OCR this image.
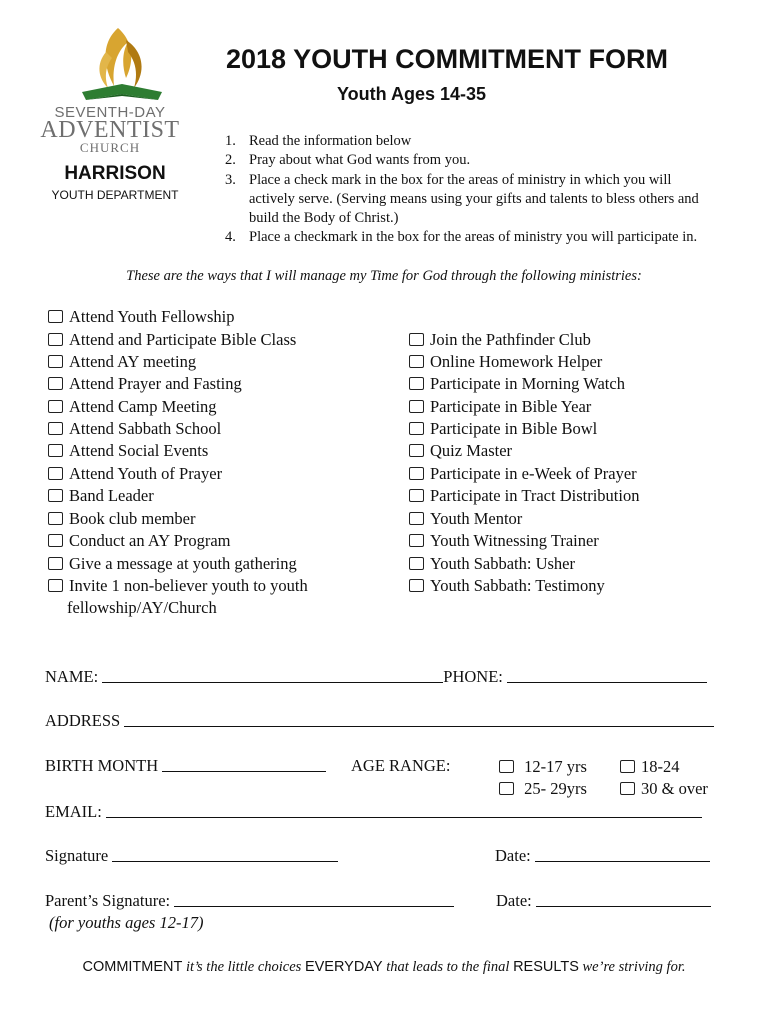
SEVENTH-DAY
ADVENTIST
CHURCH
HARRISON
YOUTH DEPARTMENT
2018 YOUTH COMMITMENT FORM
Youth Ages 14-35
1. Read the information below
2. Pray about what God wants from you.
3. Place a check mark in the box for the areas of ministry in which you will actively serve. (Serving means using your gifts and talents to bless others and build the Body of Christ.)
4. Place a checkmark in the box for the areas of ministry you will participate in.
These are the ways that I will manage my Time for God through the following ministries:
Attend Youth Fellowship
Attend and Participate Bible Class
Attend AY meeting
Attend Prayer and Fasting
Attend Camp Meeting
Attend Sabbath School
Attend Social Events
Attend Youth of Prayer
Band Leader
Book club member
Conduct an AY Program
Give a message at youth gathering
Invite 1 non-believer youth to youth
fellowship/AY/Church
Join the Pathfinder Club
Online Homework Helper
Participate in Morning Watch
Participate in Bible Year
Participate in Bible Bowl
Quiz Master
Participate in e-Week of Prayer
Participate in Tract Distribution
Youth Mentor
Youth Witnessing Trainer
Youth Sabbath: Usher
Youth Sabbath: Testimony
NAME:	PHONE:
ADDRESS
BIRTH MONTH	AGE RANGE:	12-17 yrs	18-24
25- 29yrs	30 & over
EMAIL:
Signature	Date:
Parent’s Signature:	Date:
(for youths ages 12-17)
COMMITMENT it’s the little choices EVERYDAY that leads to the final RESULTS we’re striving for.
